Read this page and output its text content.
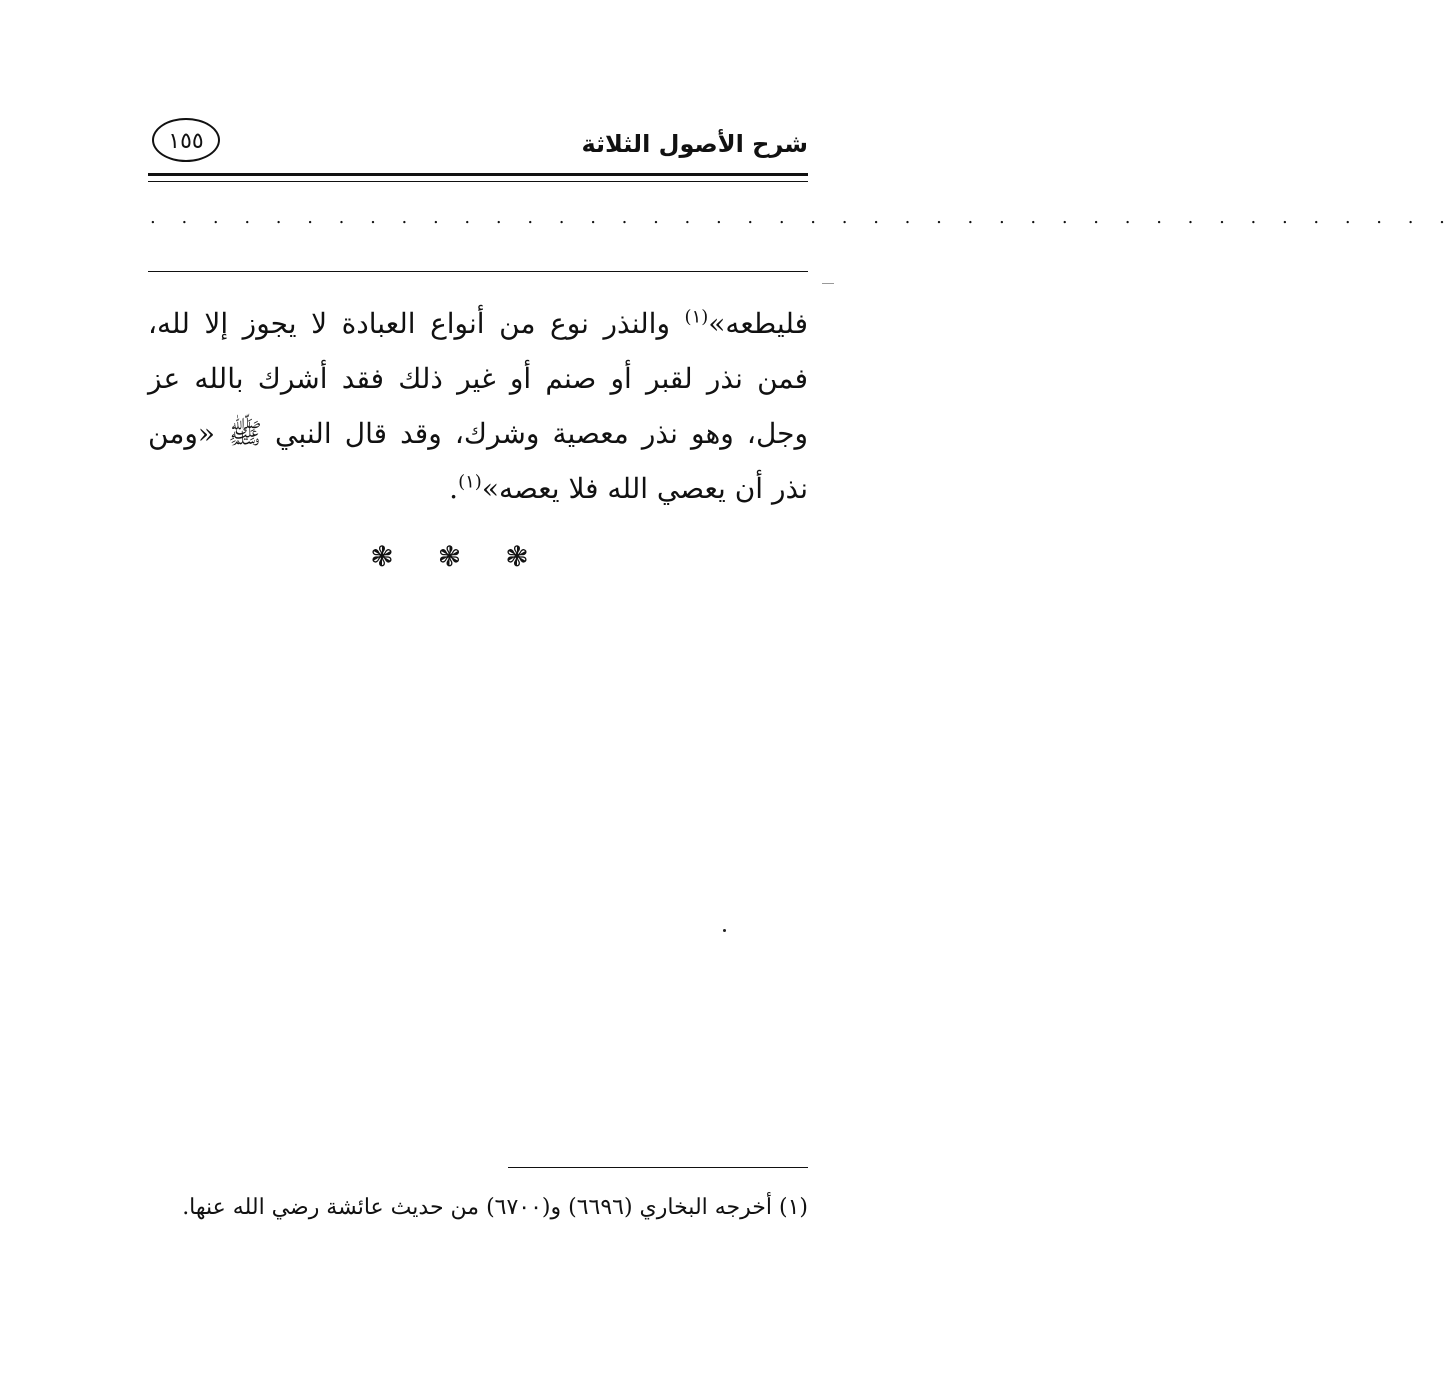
شرح الأصول الثلاثة
١٥٥
. . . . . . . . . . . . . . . . . . . . . . . . . . . . . . . . . . . . . . . . . .
فليطعه»$^{(١)}$ والنذر نوع من أنواع العبادة لا يجوز إلا لله، فمن نذر لقبر أو صنم أو غير ذلك فقد أشرك بالله عز وجل، وهو نذر معصية وشرك، وقد قال النبي ﷺ «ومن نذر أن يعصي الله فلا يعصه»$^{(١)}$.
❃❃❃
(١) أخرجه البخاري (٦٦٩٦) و(٦٧٠٠) من حديث عائشة رضي الله عنها.
